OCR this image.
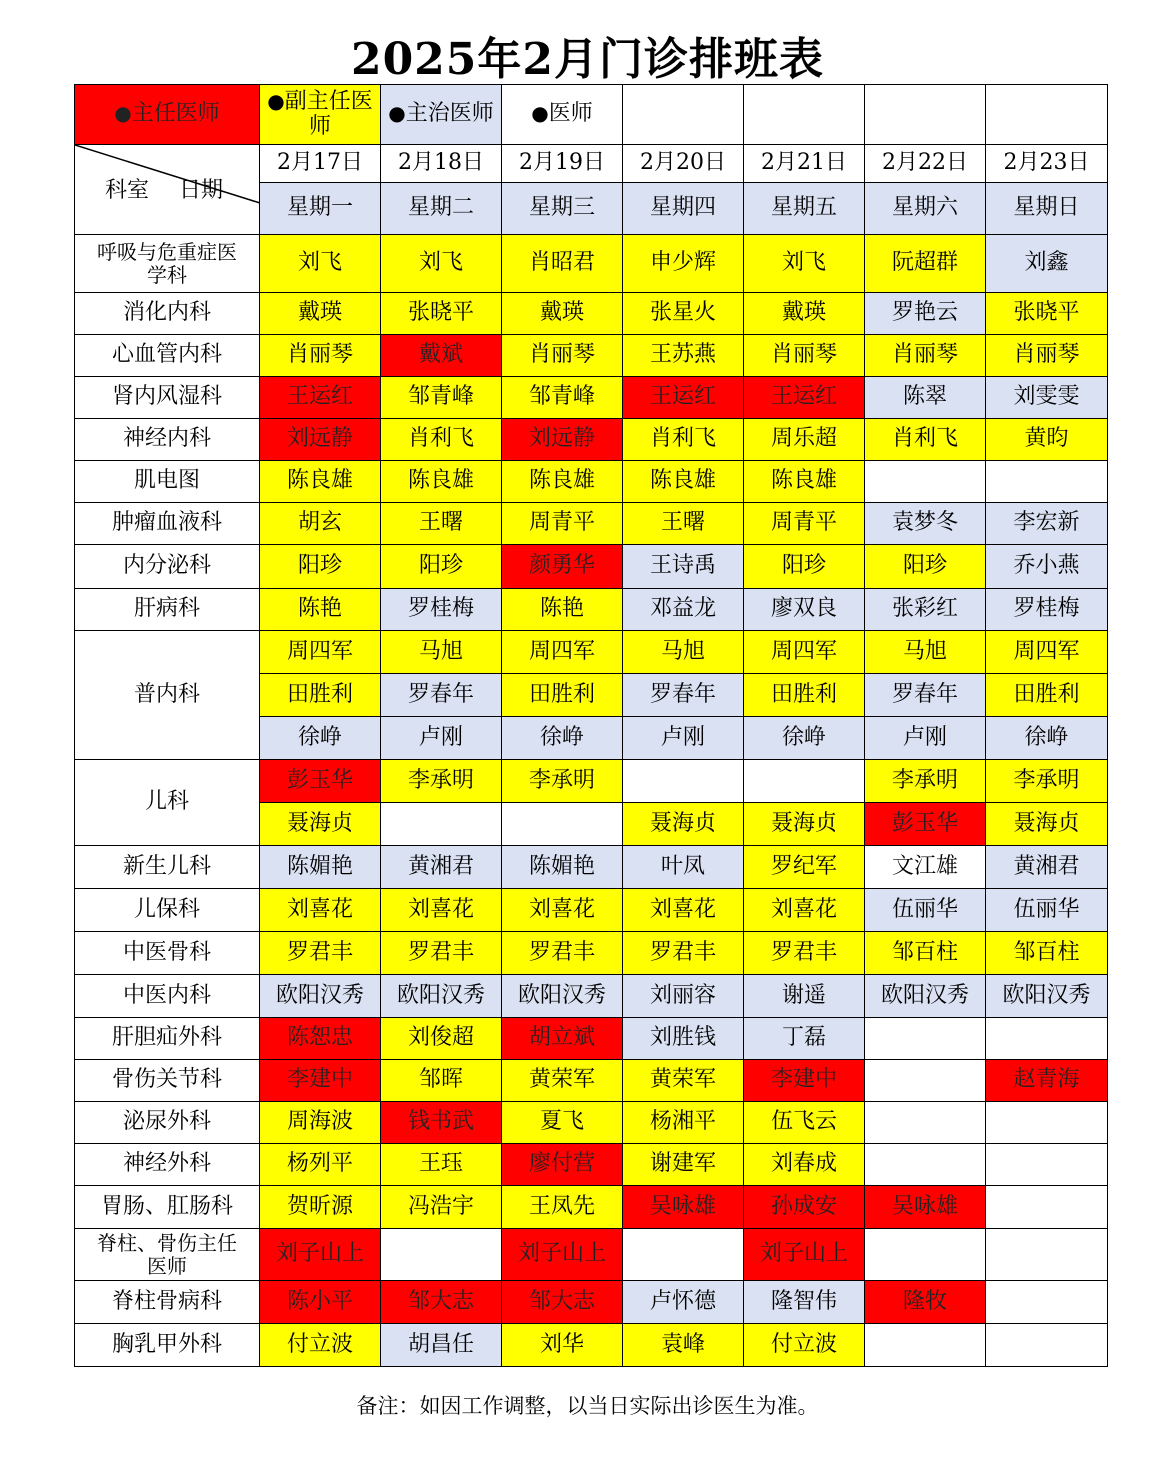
2025年2月门诊排班表
●主任医师	●副主任医师	●主治医师	●医师				

科室 日期	2月17日	2月18日	2月19日	2月20日	2月21日	2月22日	2月23日
	星期一	星期二	星期三	星期四	星期五	星期六	星期日
呼吸与危重症医学科	刘飞	刘飞	肖昭君	申少辉	刘飞	阮超群	刘鑫
消化内科	戴瑛	张晓平	戴瑛	张星火	戴瑛	罗艳云	张晓平
心血管内科	肖丽琴	戴斌	肖丽琴	王苏燕	肖丽琴	肖丽琴	肖丽琴
肾内风湿科	王运红	邹青峰	邹青峰	王运红	王运红	陈翠	刘雯雯
神经内科	刘远静	肖利飞	刘远静	肖利飞	周乐超	肖利飞	黄昀
肌电图	陈良雄	陈良雄	陈良雄	陈良雄	陈良雄		
肿瘤血液科	胡玄	王曙	周青平	王曙	周青平	袁梦冬	李宏新
内分泌科	阳珍	阳珍	颜勇华	王诗禹	阳珍	阳珍	乔小燕
肝病科	陈艳	罗桂梅	陈艳	邓益龙	廖双良	张彩红	罗桂梅
普内科	周四军	马旭	周四军	马旭	周四军	马旭	周四军
	田胜利	罗春年	田胜利	罗春年	田胜利	罗春年	田胜利
	徐峥	卢刚	徐峥	卢刚	徐峥	卢刚	徐峥
儿科	彭玉华	李承明	李承明			李承明	李承明
	聂海贞			聂海贞	聂海贞	彭玉华	聂海贞
新生儿科	陈媚艳	黄湘君	陈媚艳	叶凤	罗纪军	文江雄	黄湘君
儿保科	刘喜花	刘喜花	刘喜花	刘喜花	刘喜花	伍丽华	伍丽华
中医骨科	罗君丰	罗君丰	罗君丰	罗君丰	罗君丰	邹百柱	邹百柱
中医内科	欧阳汉秀	欧阳汉秀	欧阳汉秀	刘丽容	谢遥	欧阳汉秀	欧阳汉秀
肝胆疝外科	陈恕忠	刘俊超	胡立斌	刘胜钱	丁磊		
骨伤关节科	李建中	邹晖	黄荣军	黄荣军	李建中		赵青海
泌尿外科	周海波	钱书武	夏飞	杨湘平	伍飞云		
神经外科	杨列平	王珏	廖付营	谢建军	刘春成		
胃肠、肛肠科	贺昕源	冯浩宇	王凤先	吴咏雄	孙成安	吴咏雄	
脊柱、骨伤主任医师	刘子山上		刘子山上		刘子山上		
脊柱骨病科	陈小平	邹大志	邹大志	卢怀德	隆智伟	隆牧	
胸乳甲外科	付立波	胡昌任	刘华	袁峰	付立波		
备注：如因工作调整，以当日实际出诊医生为准。
